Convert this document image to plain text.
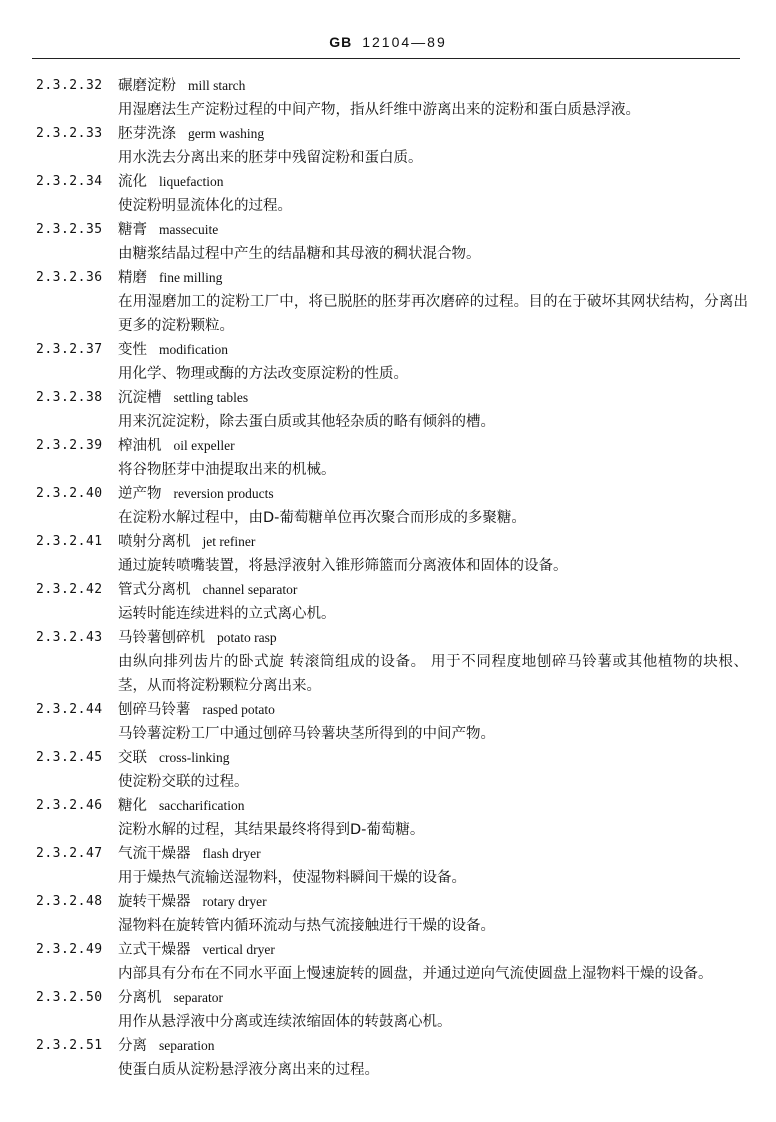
GB 12104—89
2.3.2.32 碾磨淀粉 mill starch
用湿磨法生产淀粉过程的中间产物，指从纤维中游离出来的淀粉和蛋白质悬浮液。
2.3.2.33 胚芽洗涤 germ washing
用水洗去分离出来的胚芽中残留淀粉和蛋白质。
2.3.2.34 流化 liquefaction
使淀粉明显流体化的过程。
2.3.2.35 糖膏 massecuite
由糖浆结晶过程中产生的结晶糖和其母液的稠状混合物。
2.3.2.36 精磨 fine milling
在用湿磨加工的淀粉工厂中，将已脱胚的胚芽再次磨碎的过程。目的在于破坏其网状结构，分离出更多的淀粉颗粒。
2.3.2.37 变性 modification
用化学、物理或酶的方法改变原淀粉的性质。
2.3.2.38 沉淀槽 settling tables
用来沉淀淀粉，除去蛋白质或其他轻杂质的略有倾斜的槽。
2.3.2.39 榨油机 oil expeller
将谷物胚芽中油提取出来的机械。
2.3.2.40 逆产物 reversion products
在淀粉水解过程中，由D-葡萄糖单位再次聚合而形成的多聚糖。
2.3.2.41 喷射分离机 jet refiner
通过旋转喷嘴装置，将悬浮液射入锥形筛篮而分离液体和固体的设备。
2.3.2.42 管式分离机 channel separator
运转时能连续进料的立式离心机。
2.3.2.43 马铃薯刨碎机 potato rasp
由纵向排列齿片的卧式旋 转滚筒组成的设备。 用于不同程度地刨碎马铃薯或其他植物的块根、茎，从而将淀粉颗粒分离出来。
2.3.2.44 刨碎马铃薯 rasped potato
马铃薯淀粉工厂中通过刨碎马铃薯块茎所得到的中间产物。
2.3.2.45 交联 cross-linking
使淀粉交联的过程。
2.3.2.46 糖化 saccharification
淀粉水解的过程，其结果最终将得到D-葡萄糖。
2.3.2.47 气流干燥器 flash dryer
用于燥热气流输送湿物料，使湿物料瞬间干燥的设备。
2.3.2.48 旋转干燥器 rotary dryer
湿物料在旋转管内循环流动与热气流接触进行干燥的设备。
2.3.2.49 立式干燥器 vertical dryer
内部具有分布在不同水平面上慢速旋转的圆盘，并通过逆向气流使圆盘上湿物料干燥的设备。
2.3.2.50 分离机 separator
用作从悬浮液中分离或连续浓缩固体的转鼓离心机。
2.3.2.51 分离 separation
使蛋白质从淀粉悬浮液分离出来的过程。
